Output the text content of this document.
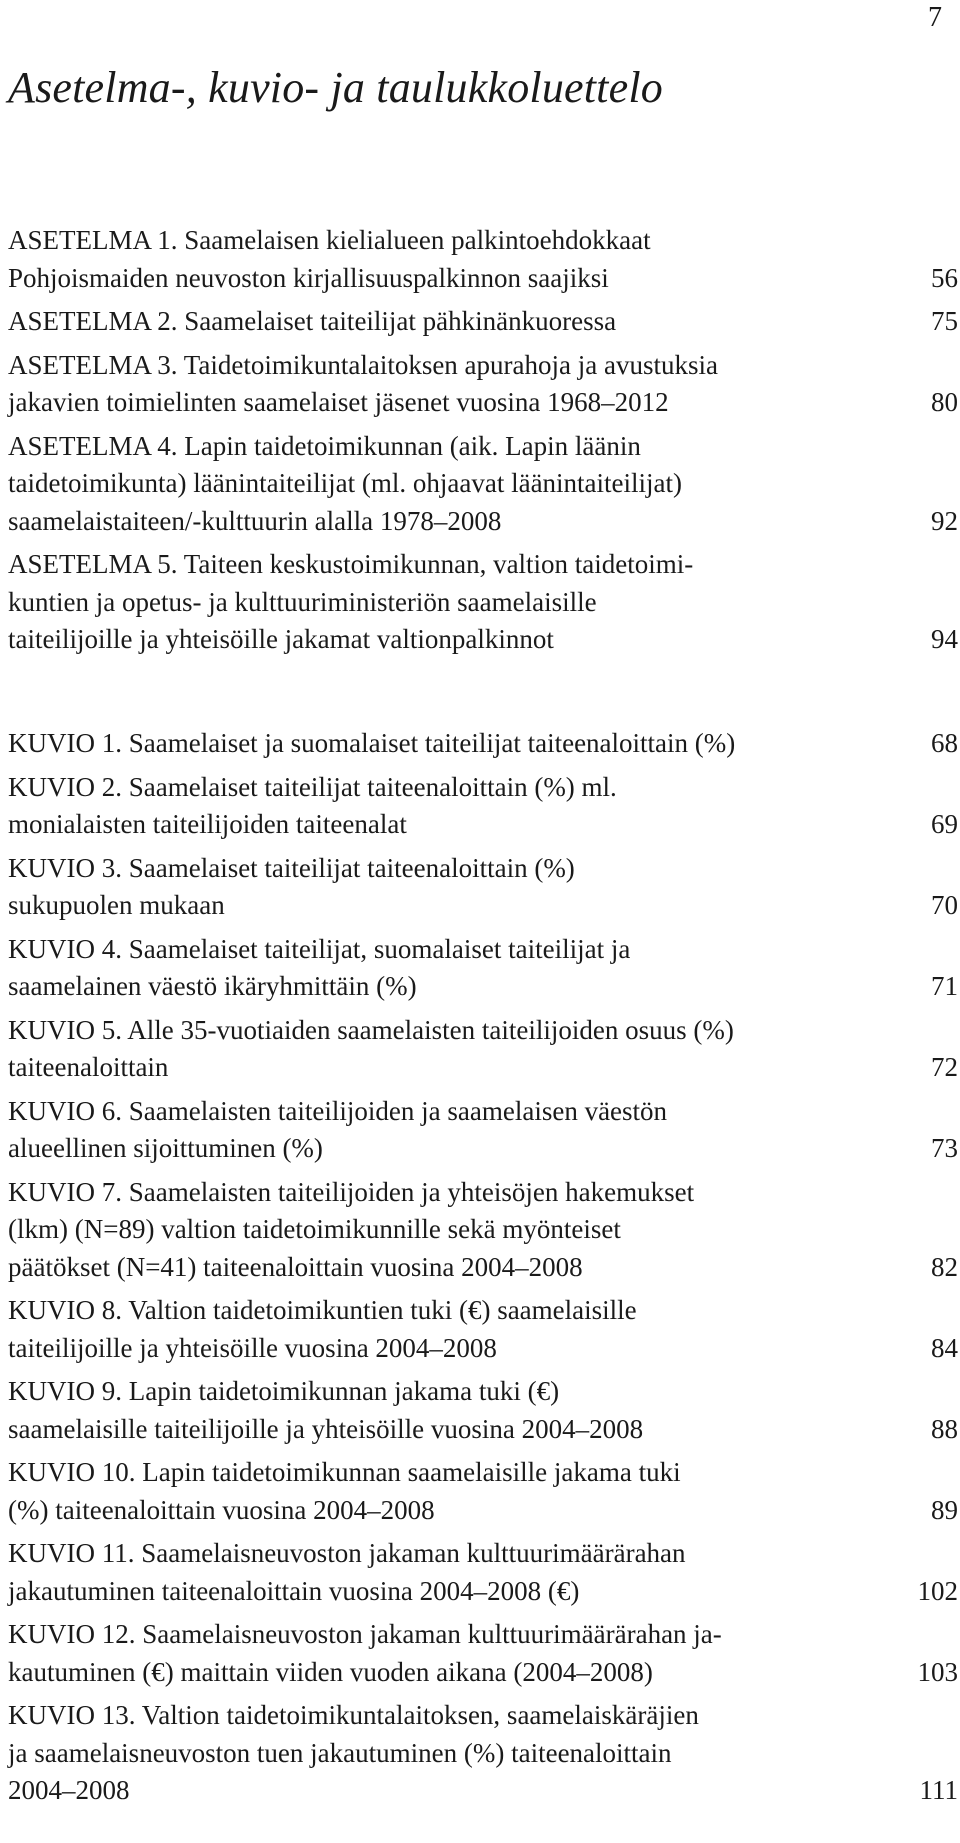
7
Asetelma-, kuvio- ja taulukkoluettelo
ASETELMA 1. Saamelaisen kielialueen palkintoehdokkaat
Pohjoismaiden neuvoston kirjallisuuspalkinnon saajiksi	56
ASETELMA 2. Saamelaiset taiteilijat pähkinänkuoressa	75
ASETELMA 3. Taidetoimikuntalaitoksen apurahoja ja avustuksia
jakavien toimielinten saamelaiset jäsenet vuosina 1968–2012	80
ASETELMA 4. Lapin taidetoimikunnan (aik. Lapin läänin
taidetoimikunta) läänintaiteilijat (ml. ohjaavat läänintaiteilijat)
saamelaistaiteen/-kulttuurin alalla 1978–2008	92
ASETELMA 5. Taiteen keskustoimikunnan, valtion taidetoimi-
kuntien ja opetus- ja kulttuuriministeriön saamelaisille
taiteilijoille ja yhteisöille jakamat valtionpalkinnot	94
KUVIO 1. Saamelaiset ja suomalaiset taiteilijat taiteenaloittain (%)	68
KUVIO 2. Saamelaiset taiteilijat taiteenaloittain (%) ml.
monialaisten taiteilijoiden taiteenalat	69
KUVIO 3. Saamelaiset taiteilijat taiteenaloittain (%)
sukupuolen mukaan	70
KUVIO 4. Saamelaiset taiteilijat, suomalaiset taiteilijat ja
saamelainen väestö ikäryhmittäin (%)	71
KUVIO 5. Alle 35-vuotiaiden saamelaisten taiteilijoiden osuus (%)
taiteenaloittain	72
KUVIO 6. Saamelaisten taiteilijoiden ja saamelaisen väestön
alueellinen sijoittuminen (%)	73
KUVIO 7. Saamelaisten taiteilijoiden ja yhteisöjen hakemukset
(lkm) (N=89) valtion taidetoimikunnille sekä myönteiset
päätökset (N=41) taiteenaloittain vuosina 2004–2008	82
KUVIO 8. Valtion taidetoimikuntien tuki (€) saamelaisille
taiteilijoille ja yhteisöille vuosina 2004–2008	84
KUVIO 9. Lapin taidetoimikunnan jakama tuki (€)
saamelaisille taiteilijoille ja yhteisöille vuosina 2004–2008	88
KUVIO 10. Lapin taidetoimikunnan saamelaisille jakama tuki
(%) taiteenaloittain vuosina 2004–2008	89
KUVIO 11. Saamelaisneuvoston jakaman kulttuurimäärärahan
jakautuminen taiteenaloittain vuosina 2004–2008 (€)	102
KUVIO 12. Saamelaisneuvoston jakaman kulttuurimäärärahan ja-
kautuminen (€) maittain viiden vuoden aikana (2004–2008)	103
KUVIO 13. Valtion taidetoimikuntalaitoksen, saamelaiskäräjien
ja saamelaisneuvoston tuen jakautuminen (%) taiteenaloittain
2004–2008	111
